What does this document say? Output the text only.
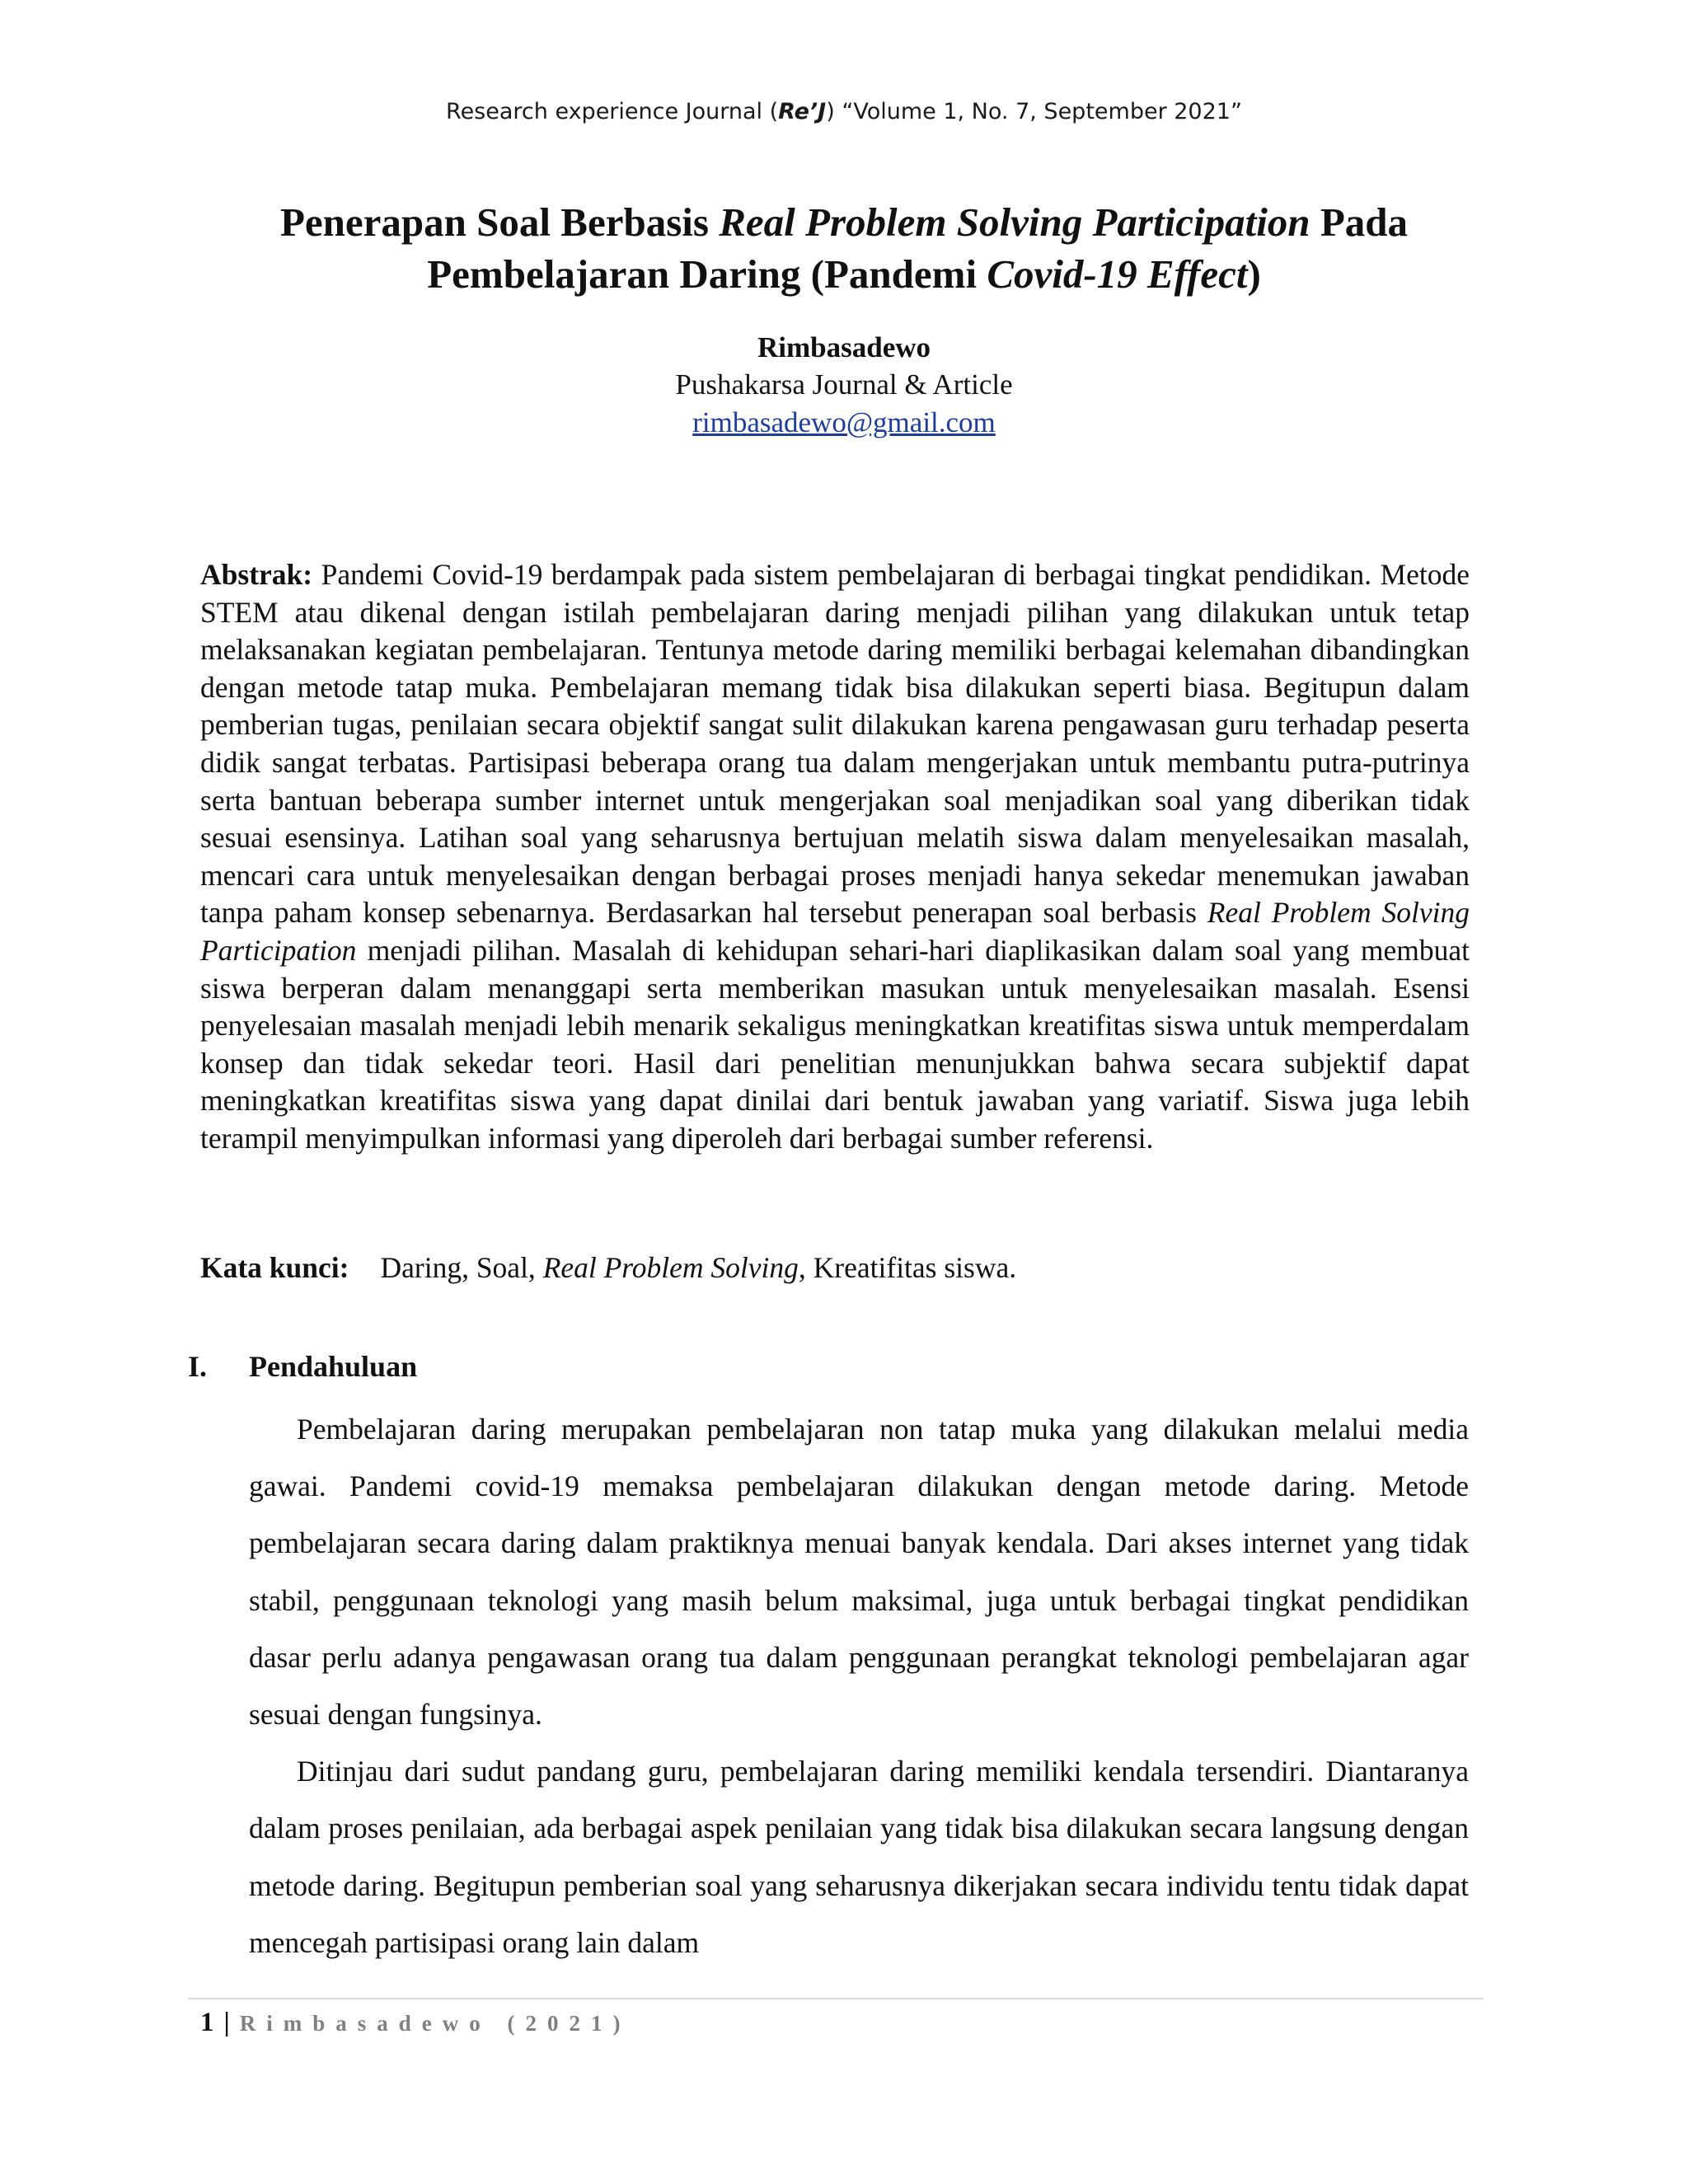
Research experience Journal (Re’J) “Volume 1, No. 7, September 2021”
Penerapan Soal Berbasis Real Problem Solving Participation Pada Pembelajaran Daring (Pandemi Covid-19 Effect)
Rimbasadewo
Pushakarsa Journal & Article
rimbasadewo@gmail.com

Abstrak: Pandemi Covid-19 berdampak pada sistem pembelajaran di berbagai tingkat pendidikan. Metode STEM atau dikenal dengan istilah pembelajaran daring menjadi pilihan yang dilakukan untuk tetap melaksanakan kegiatan pembelajaran. Tentunya metode daring memiliki berbagai kelemahan dibandingkan dengan metode tatap muka. Pembelajaran memang tidak bisa dilakukan seperti biasa. Begitupun dalam pemberian tugas, penilaian secara objektif sangat sulit dilakukan karena pengawasan guru terhadap peserta didik sangat terbatas. Partisipasi beberapa orang tua dalam mengerjakan untuk membantu putra-putrinya serta bantuan beberapa sumber internet untuk mengerjakan soal menjadikan soal yang diberikan tidak sesuai esensinya. Latihan soal yang seharusnya bertujuan melatih siswa dalam menyelesaikan masalah, mencari cara untuk menyelesaikan dengan berbagai proses menjadi hanya sekedar menemukan jawaban tanpa paham konsep sebenarnya. Berdasarkan hal tersebut penerapan soal berbasis Real Problem Solving Participation menjadi pilihan. Masalah di kehidupan sehari-hari diaplikasikan dalam soal yang membuat siswa berperan dalam menanggapi serta memberikan masukan untuk menyelesaikan masalah. Esensi penyelesaian masalah menjadi lebih menarik sekaligus meningkatkan kreatifitas siswa untuk memperdalam konsep dan tidak sekedar teori. Hasil dari penelitian menunjukkan bahwa secara subjektif dapat meningkatkan kreatifitas siswa yang dapat dinilai dari bentuk jawaban yang variatif. Siswa juga lebih terampil menyimpulkan informasi yang diperoleh dari berbagai sumber referensi.

Kata kunci: Daring, Soal, Real Problem Solving, Kreatifitas siswa.
I. Pendahuluan

Pembelajaran daring merupakan pembelajaran non tatap muka yang dilakukan melalui media gawai. Pandemi covid-19 memaksa pembelajaran dilakukan dengan metode daring. Metode pembelajaran secara daring dalam praktiknya menuai banyak kendala. Dari akses internet yang tidak stabil, penggunaan teknologi yang masih belum maksimal, juga untuk berbagai tingkat pendidikan dasar perlu adanya pengawasan orang tua dalam penggunaan perangkat teknologi pembelajaran agar sesuai dengan fungsinya.

Ditinjau dari sudut pandang guru, pembelajaran daring memiliki kendala tersendiri. Diantaranya dalam proses penilaian, ada berbagai aspek penilaian yang tidak bisa dilakukan secara langsung dengan metode daring. Begitupun pemberian soal yang seharusnya dikerjakan secara individu tentu tidak dapat mencegah partisipasi orang lain dalam

1 | Rimbasadewo (2021)
